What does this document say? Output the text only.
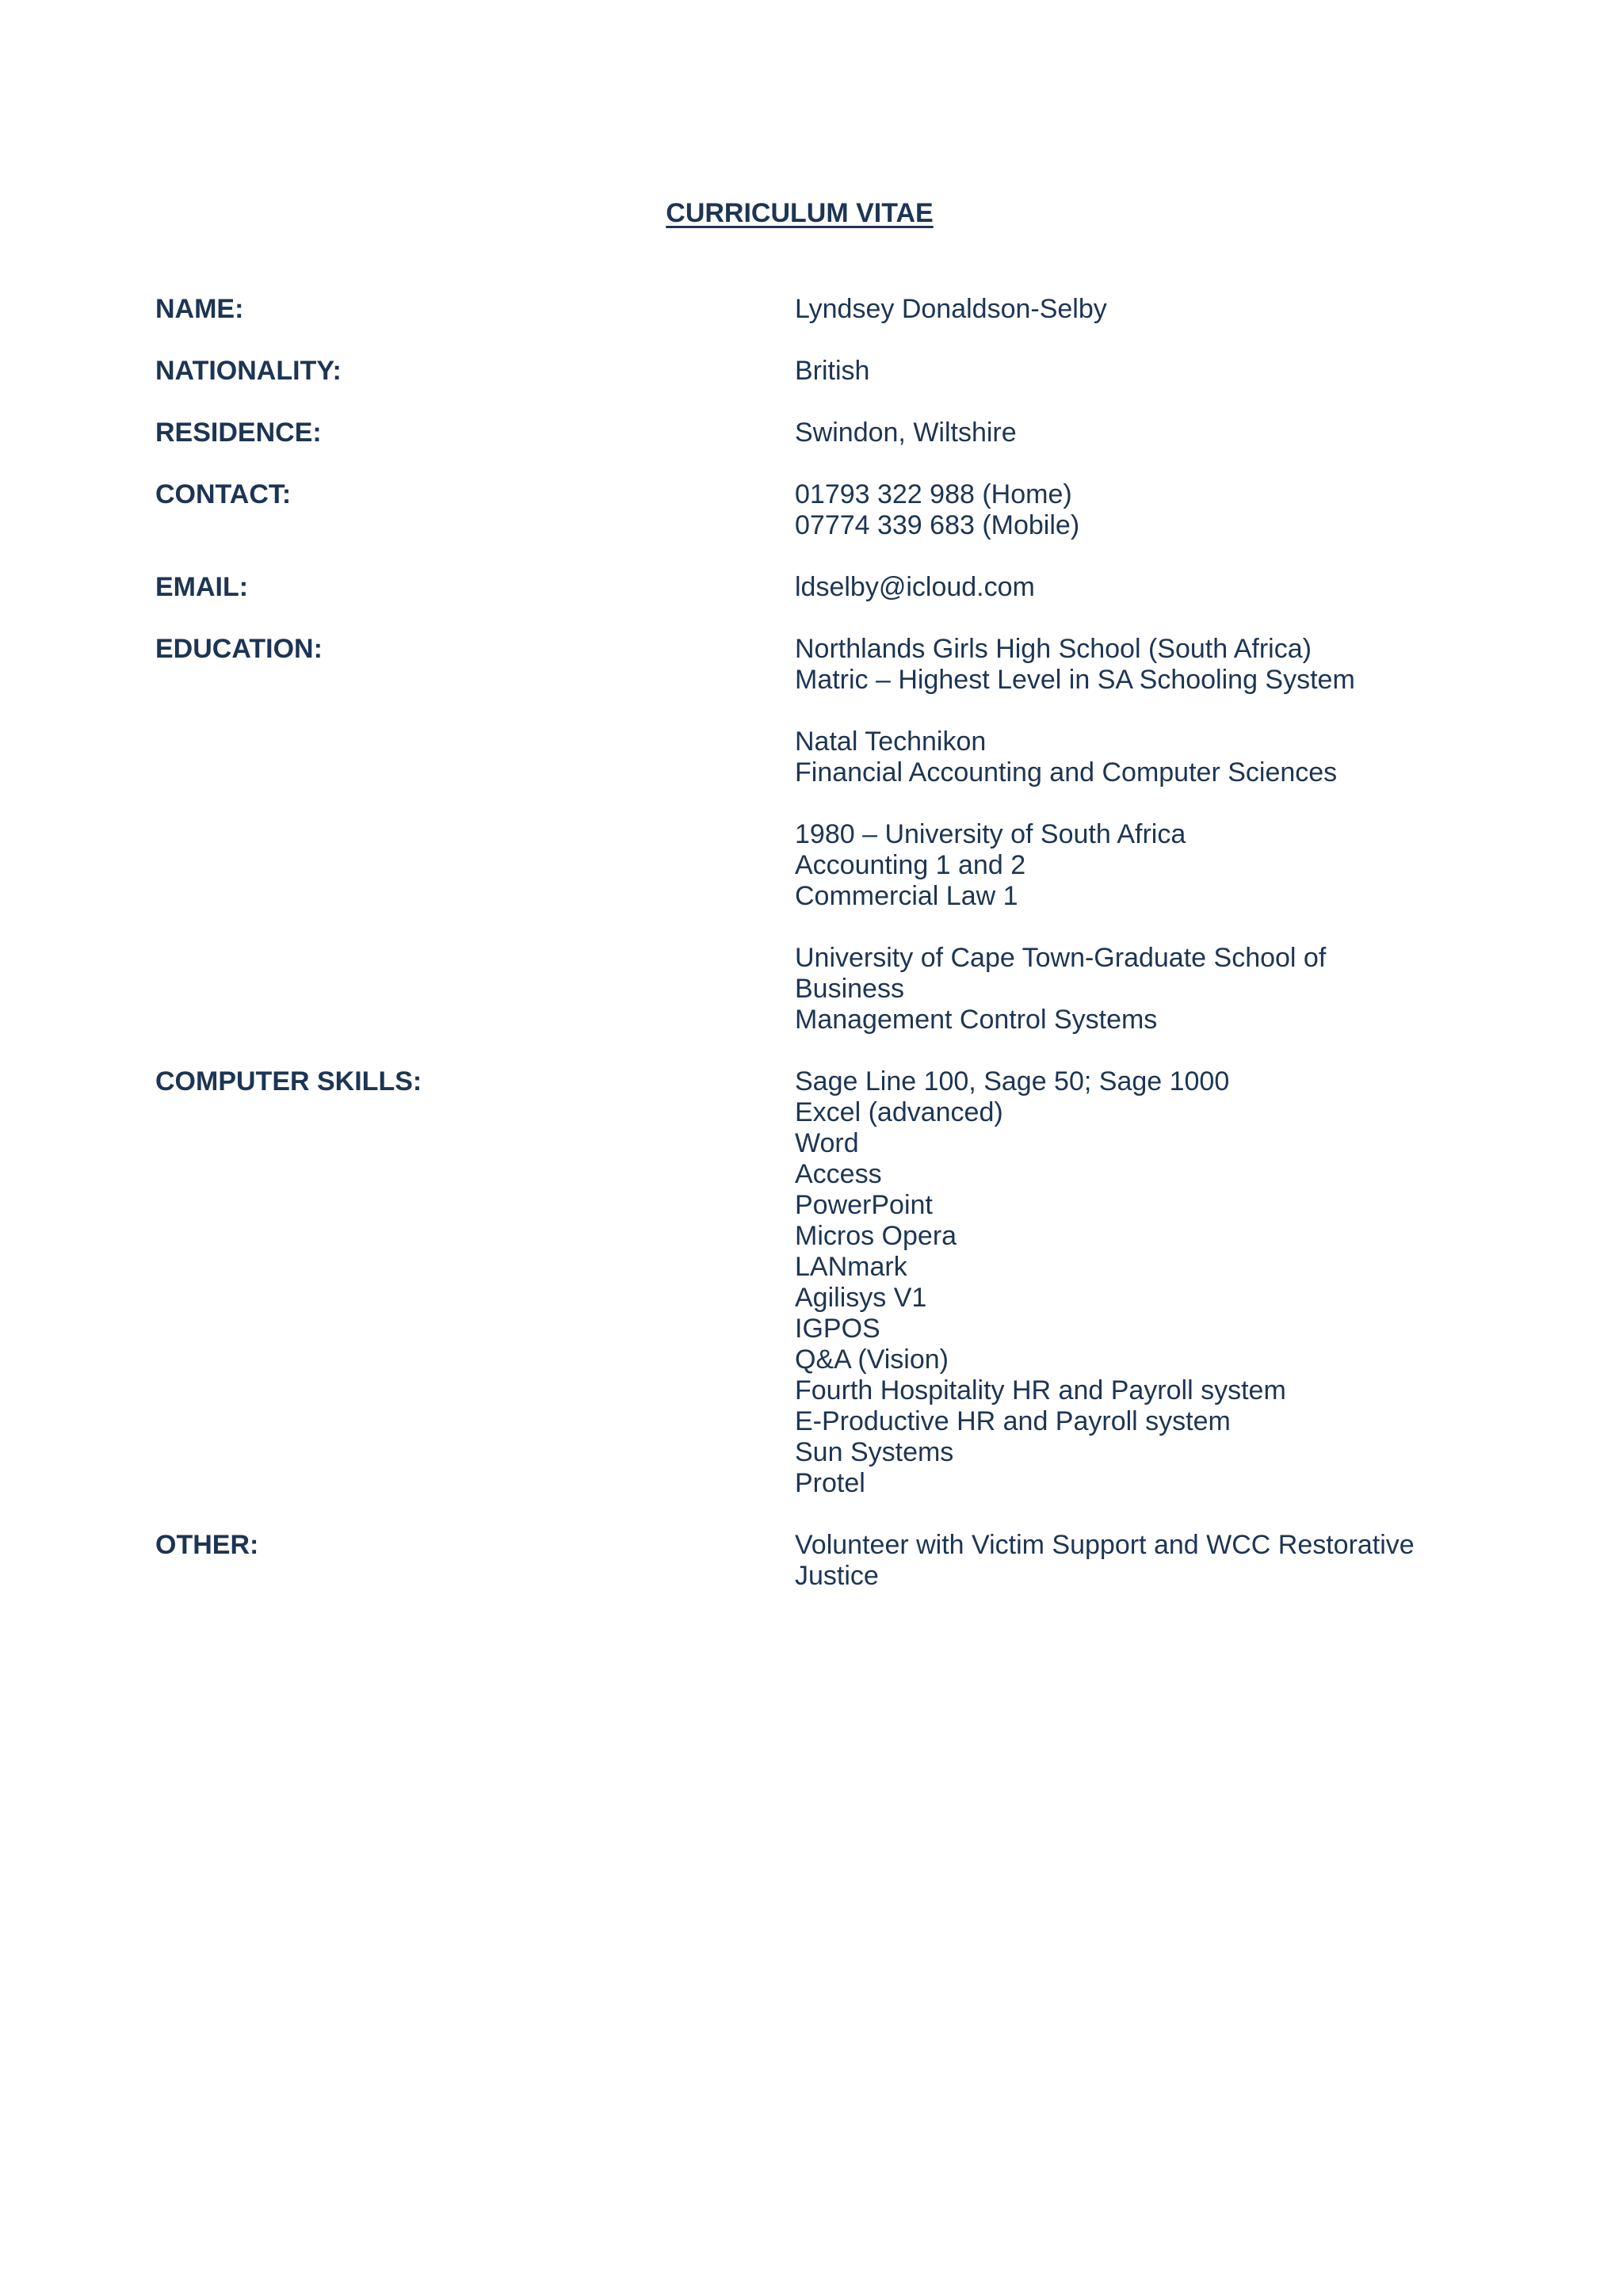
CURRICULUM VITAE
NAME:	Lyndsey Donaldson-Selby
NATIONALITY:	British
RESIDENCE:	Swindon, Wiltshire
CONTACT:	01793 322 988 (Home)
07774 339 683 (Mobile)
EMAIL:	ldselby@icloud.com
EDUCATION:	Northlands Girls High School (South Africa)
Matric – Highest Level in SA Schooling System
Natal Technikon
Financial Accounting and Computer Sciences
1980 – University of South Africa
Accounting 1 and 2
Commercial Law 1
University of Cape Town-Graduate School of
Business
Management Control Systems
COMPUTER SKILLS:	Sage Line 100, Sage 50; Sage 1000
Excel (advanced)
Word
Access
PowerPoint
Micros Opera
LANmark
Agilisys V1
IGPOS
Q&A (Vision)
Fourth Hospitality HR and Payroll system
E-Productive HR and Payroll system
Sun Systems
Protel
OTHER:	Volunteer with Victim Support and WCC Restorative
Justice
